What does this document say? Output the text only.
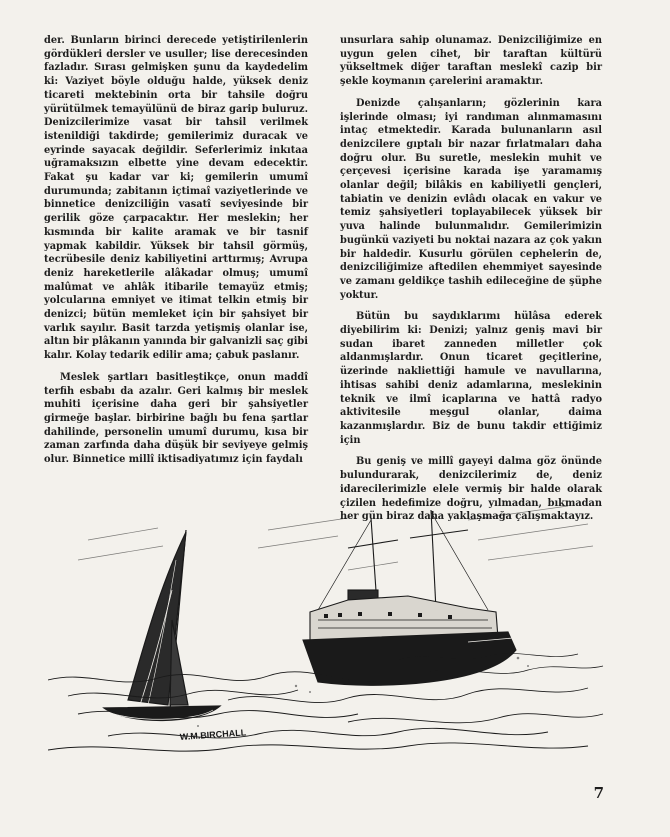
der. Bunların birinci derecede yetiştirilenlerin gördükleri dersler ve usuller; lise derecesinden fazladır. Sırası gelmişken şunu da kaydedelim ki: Vaziyet böyle olduğu halde, yüksek deniz ticareti mektebinin orta bir tahsile doğru yürütülmek temayülünü de biraz garip buluruz. Denizcilerimize vasat bir tahsil verilmek istenildiği takdirde; gemilerimiz duracak ve eyrinde sayacak değildir. Seferlerimiz inkıtaa uğramaksızın elbette yine devam edecektir. Fakat şu kadar var ki; gemilerin umumî durumunda; zabitanın içtimaî vaziyetlerinde ve binnetice denizciliğin vasatî seviyesinde bir gerilik göze çarpacaktır. Her meslekin; her kısmında bir kalite aramak ve bir tasnif yapmak kabildir. Yüksek bir tahsil görmüş, tecrübesile deniz kabiliyetini arttırmış; Avrupa deniz hareketlerile alâkadar olmuş; umumî malûmat ve ahlâk itibarile temayüz etmiş; yolcularına emniyet ve itimat telkin etmiş bir denizci; bütün memleket için bir şahsiyet bir varlık sayılır. Basit tarzda yetişmiş olanlar ise, altın bir plâkanın yanında bir galvanizli saç gibi kalır. Kolay tedarik edilir ama; çabuk paslanır.

Meslek şartları basitleştikçe, onun maddî terfih esbabı da azalır. Geri kalmış bir meslek muhiti içerisine daha geri bir şahsiyetler girmeğe başlar. birbirine bağlı bu fena şartlar dahilinde, personelin umumî durumu, kısa bir zaman zarfında daha düşük bir seviyeye gelmiş olur. Binnetice millî iktisadiyatımız için faydalı

unsurlara sahip olunamaz. Denizciliğimize en uygun gelen cihet, bir taraftan kültürü yükseltmek diğer taraftan meslekî cazip bir şekle koymanın çarelerini aramaktır.

Denizde çalışanların; gözlerinin kara işlerinde olması; iyi randıman alınmamasını intaç etmektedir. Karada bulunanların asıl denizcilere gıptalı bir nazar fırlatmaları daha doğru olur. Bu suretle, meslekin muhit ve çerçevesi içerisine karada işe yaramamış olanlar değil; bilâkis en kabiliyetli gençleri, tabiatin ve denizin evlâdı olacak en vakur ve temiz şahsiyetleri toplayabilecek yüksek bir yuva halinde bulunmalıdır. Gemilerimizin bugünkü vaziyeti bu noktai nazara az çok yakın bir haldedir. Kusurlu görülen cephelerin de, denizciliğimize aftedilen ehemmiyet sayesinde ve zamanı geldikçe tashih edileceğine de şüphe yoktur.

Bütün bu saydıklarımı hülâsa ederek diyebilirim ki: Denizi; yalnız geniş mavi bir sudan ibaret zanneden milletler çok aldanmışlardır. Onun ticaret geçitlerine, üzerinde nakliettiği hamule ve navullarına, ihtisas sahibi deniz adamlarına, meslekinin teknik ve ilmî icaplarına ve hattâ radyo aktivitesile meşgul olanlar, daima kazanmışlardır. Biz de bunu takdir ettiğimiz için

Bu geniş ve millî gayeyi dalma göz önünde bulundurarak, denizcilerimiz de, deniz idarecilerimizle elele vermiş bir halde olarak çizilen hedefimize doğru, yılmadan, bıkmadan her gün biraz daha yaklaşmağa çalışmaktayız.

W.M.BIRCHALL
7
